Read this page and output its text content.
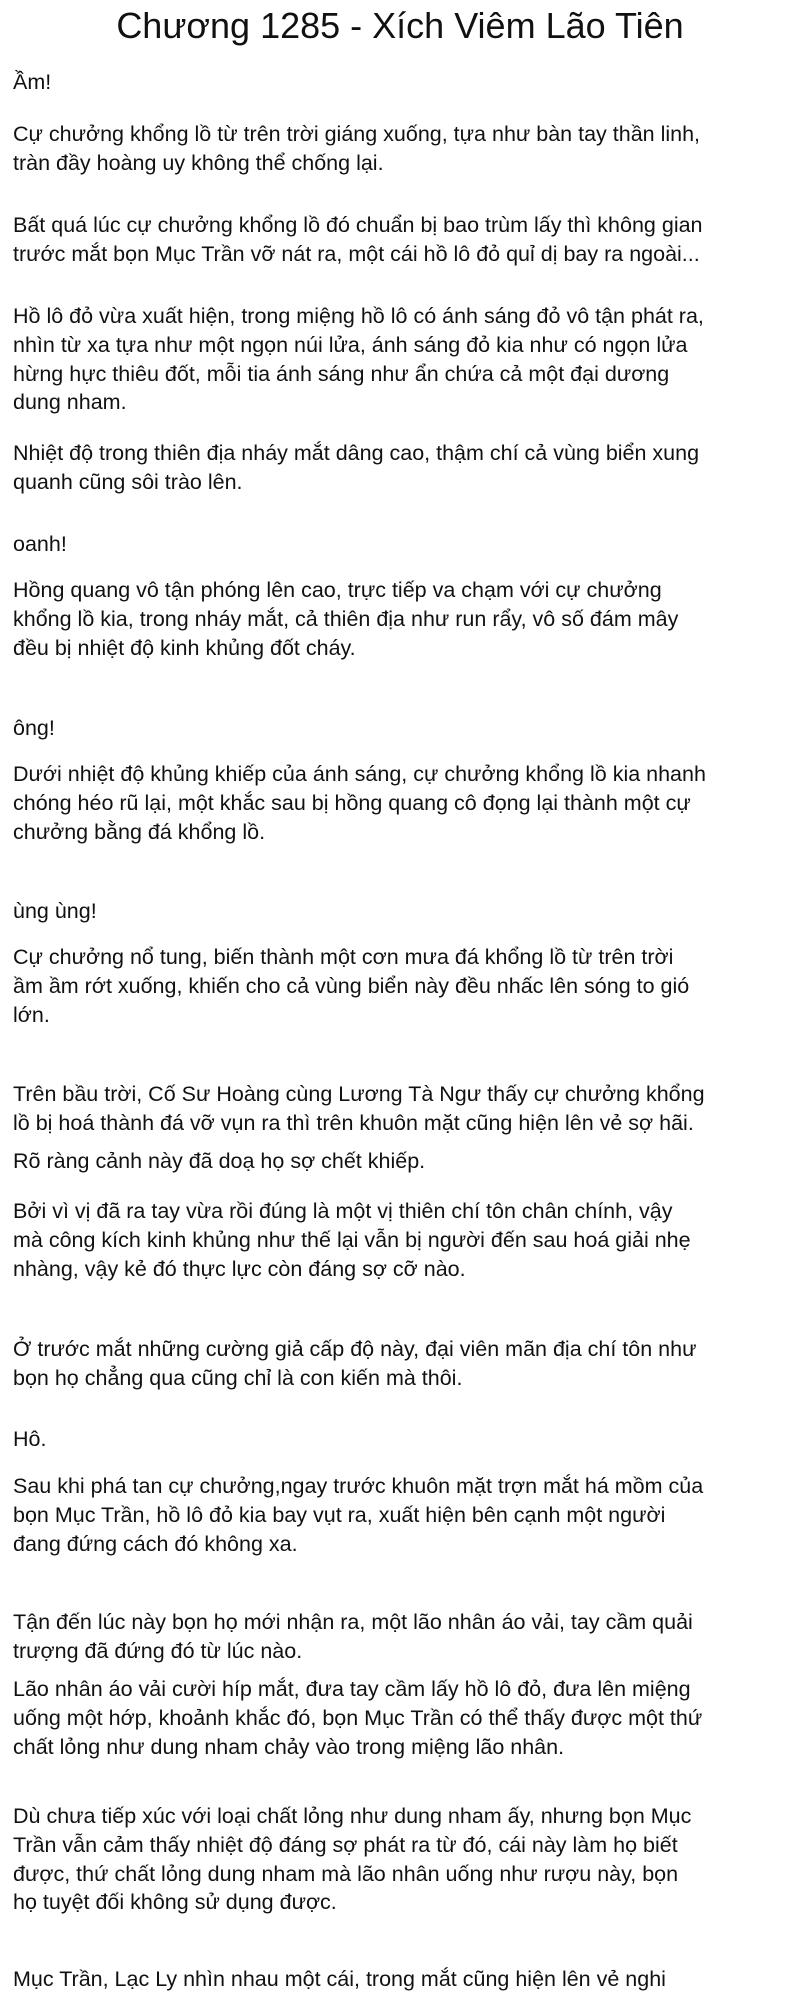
Chương 1285 - Xích Viêm Lão Tiên

Ầm!

Cự chưởng khổng lồ từ trên trời giáng xuống, tựa như bàn tay thần linh,
tràn đầy hoàng uy không thể chống lại.

Bất quá lúc cự chưởng khổng lồ đó chuẩn bị bao trùm lấy thì không gian
trước mắt bọn Mục Trần vỡ nát ra, một cái hồ lô đỏ quỉ dị bay ra ngoài...

Hồ lô đỏ vừa xuất hiện, trong miệng hồ lô có ánh sáng đỏ vô tận phát ra,
nhìn từ xa tựa như một ngọn núi lửa, ánh sáng đỏ kia như có ngọn lửa
hừng hực thiêu đốt, mỗi tia ánh sáng như ẩn chứa cả một đại dương
dung nham.

Nhiệt độ trong thiên địa nháy mắt dâng cao, thậm chí cả vùng biển xung
quanh cũng sôi trào lên.

oanh!

Hồng quang vô tận phóng lên cao, trực tiếp va chạm với cự chưởng
khổng lồ kia, trong nháy mắt, cả thiên địa như run rẩy, vô số đám mây
đều bị nhiệt độ kinh khủng đốt cháy.

ông!

Dưới nhiệt độ khủng khiếp của ánh sáng, cự chưởng khổng lồ kia nhanh
chóng héo rũ lại, một khắc sau bị hồng quang cô đọng lại thành một cự
chưởng bằng đá khổng lồ.

ùng ùng!

Cự chưởng nổ tung, biến thành một cơn mưa đá khổng lồ từ trên trời
ầm ầm rớt xuống, khiến cho cả vùng biển này đều nhấc lên sóng to gió
lớn.

Trên bầu trời, Cố Sư Hoàng cùng Lương Tà Ngư thấy cự chưởng khổng
lồ bị hoá thành đá vỡ vụn ra thì trên khuôn mặt cũng hiện lên vẻ sợ hãi.

Rõ ràng cảnh này đã doạ họ sợ chết khiếp.

Bởi vì vị đã ra tay vừa rồi đúng là một vị thiên chí tôn chân chính, vậy
mà công kích kinh khủng như thế lại vẫn bị người đến sau hoá giải nhẹ
nhàng, vậy kẻ đó thực lực còn đáng sợ cỡ nào.

Ở trước mắt những cường giả cấp độ này, đại viên mãn địa chí tôn như
bọn họ chẳng qua cũng chỉ là con kiến mà thôi.

Hô.

Sau khi phá tan cự chưởng,ngay trước khuôn mặt trợn mắt há mồm của
bọn Mục Trần, hồ lô đỏ kia bay vụt ra, xuất hiện bên cạnh một người
đang đứng cách đó không xa.

Tận đến lúc này bọn họ mới nhận ra, một lão nhân áo vải, tay cầm quải
trượng đã đứng đó từ lúc nào.

Lão nhân áo vải cười híp mắt, đưa tay cầm lấy hồ lô đỏ, đưa lên miệng
uống một hớp, khoảnh khắc đó, bọn Mục Trần có thể thấy được một thứ
chất lỏng như dung nham chảy vào trong miệng lão nhân.

Dù chưa tiếp xúc với loại chất lỏng như dung nham ấy, nhưng bọn Mục
Trần vẫn cảm thấy nhiệt độ đáng sợ phát ra từ đó, cái này làm họ biết
được, thứ chất lỏng dung nham mà lão nhân uống như rượu này, bọn
họ tuyệt đối không sử dụng được.

Mục Trần, Lạc Ly nhìn nhau một cái, trong mắt cũng hiện lên vẻ nghi
